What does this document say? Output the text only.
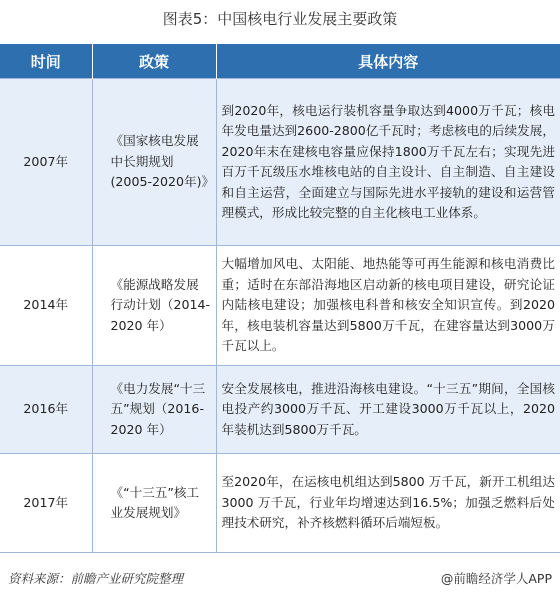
图表5：中国核电行业发展主要政策
时间	政策	具体内容
2007年	《国家核电发展中长期规划(2005-2020年)》	到2020年，核电运行装机容量争取达到4000万千瓦；核电年发电量达到2600-2800亿千瓦时；考虑核电的后续发展，2020年末在建核电容量应保持1800万千瓦左右；实现先进百万千瓦级压水堆核电站的自主设计、自主制造、自主建设和自主运营，全面建立与国际先进水平接轨的建设和运营管理模式，形成比较完整的自主化核电工业体系。
2014年	《能源战略发展行动计划（2014-2020 年）	大幅增加风电、太阳能、地热能等可再生能源和核电消费比重；适时在东部沿海地区启动新的核电项目建设，研究论证内陆核电建设；加强核电科普和核安全知识宣传。到2020年，核电装机容量达到5800万千瓦，在建容量达到3000万千瓦以上。
2016年	《电力发展“十三五”规划（2016-2020 年）	安全发展核电，推进沿海核电建设。“十三五”期间，全国核电投产约3000万千瓦、开工建设3000万千瓦以上，2020年装机达到5800万千瓦。
2017年	《“十三五”核工业发展规划》	至2020年，在运核电机组达到5800 万千瓦，新开工机组达3000 万千瓦，行业年均增速达到16.5%；加强乏燃料后处理技术研究，补齐核燃料循环后端短板。
资料来源：前瞻产业研究院整理	@前瞻经济学人APP
